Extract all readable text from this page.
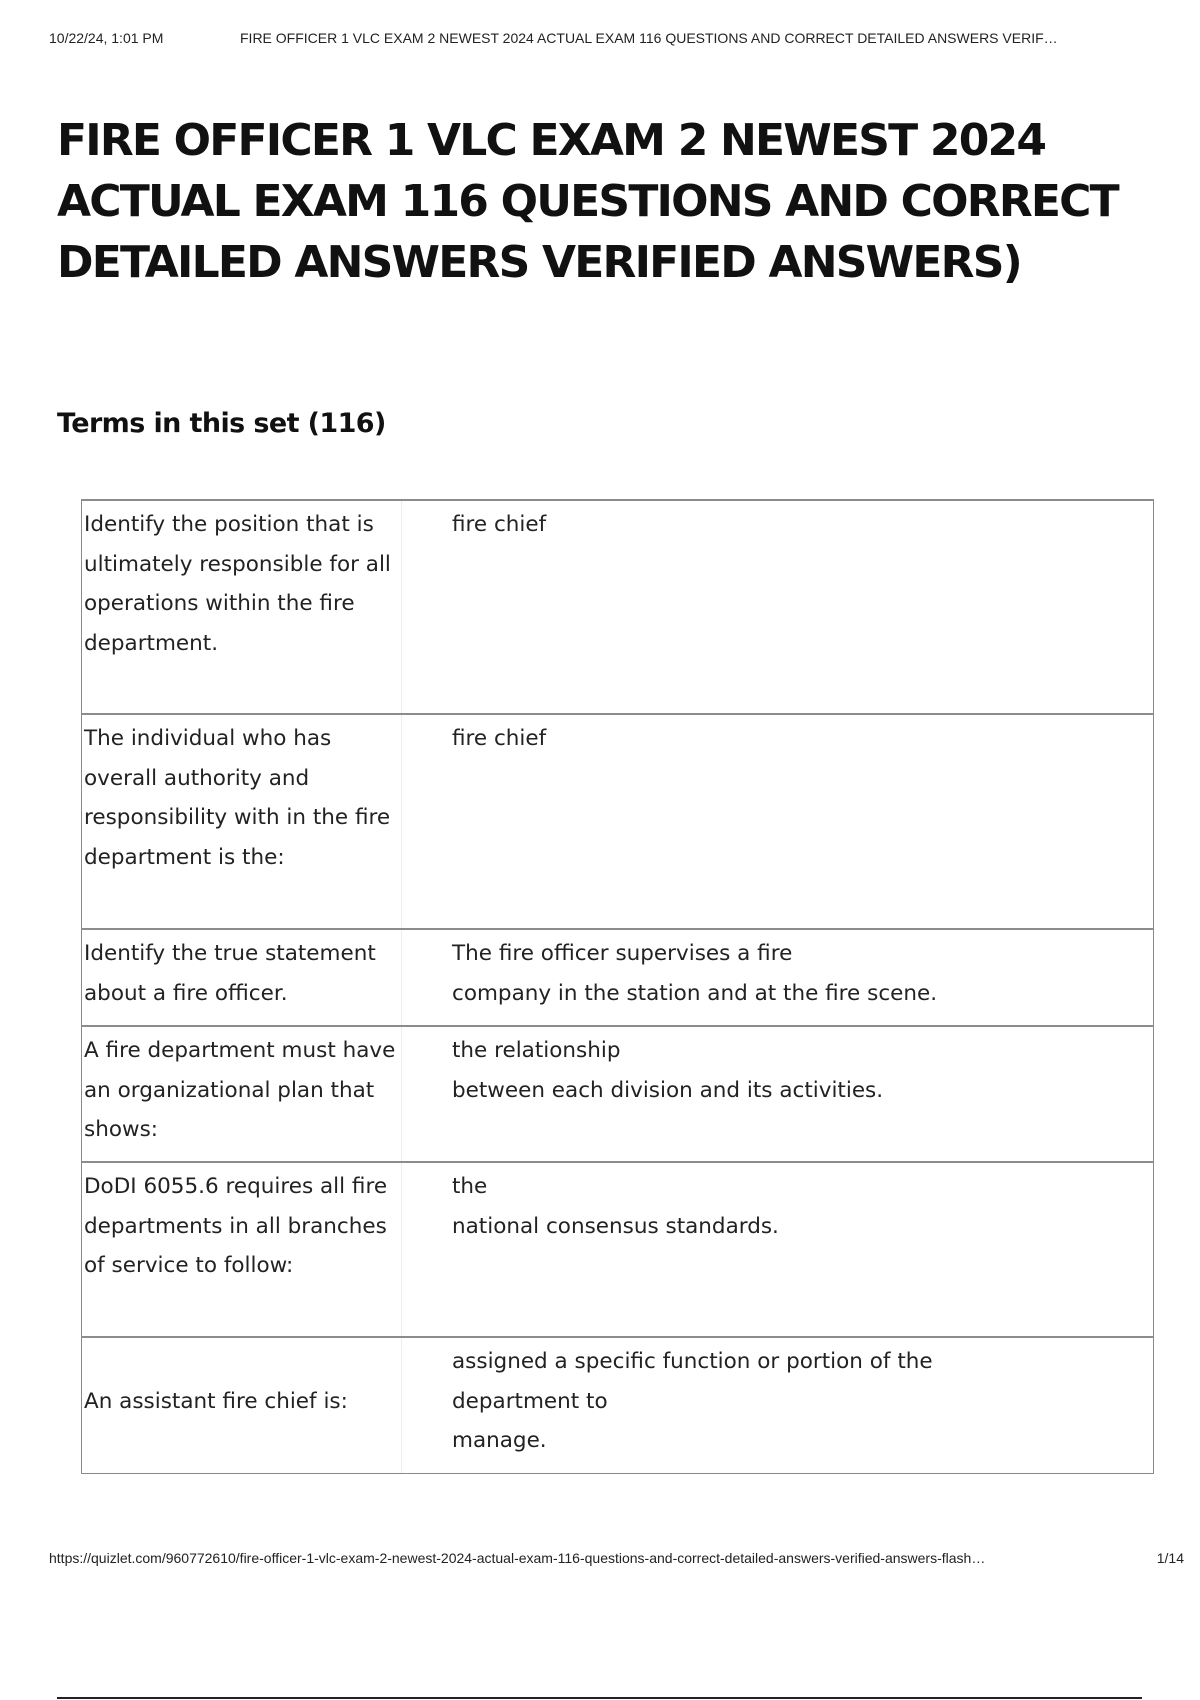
10/22/24, 1:01 PM	FIRE OFFICER 1 VLC EXAM 2 NEWEST 2024 ACTUAL EXAM 116 QUESTIONS AND CORRECT DETAILED ANSWERS VERIF…
FIRE OFFICER 1 VLC EXAM 2 NEWEST 2024 ACTUAL EXAM 116 QUESTIONS AND CORRECT DETAILED ANSWERS VERIFIED ANSWERS)
Terms in this set (116)
Identify the position that is ultimately responsible for all operations within the fire department.
fire chief
The individual who has overall authority and responsibility with in the fire department is the:
fire chief
Identify the true statement about a fire officer.
The fire officer supervises a fire
company in the station and at the fire scene.
A fire department must have an organizational plan that shows:
the relationship
between each division and its activities.
DoDI 6055.6 requires all fire departments in all branches of service to follow:
the
national consensus standards.
An assistant fire chief is:
assigned a specific function or portion of the
department to
manage.
https://quizlet.com/960772610/fire-officer-1-vlc-exam-2-newest-2024-actual-exam-116-questions-and-correct-detailed-answers-verified-answers-flash…	1/14
